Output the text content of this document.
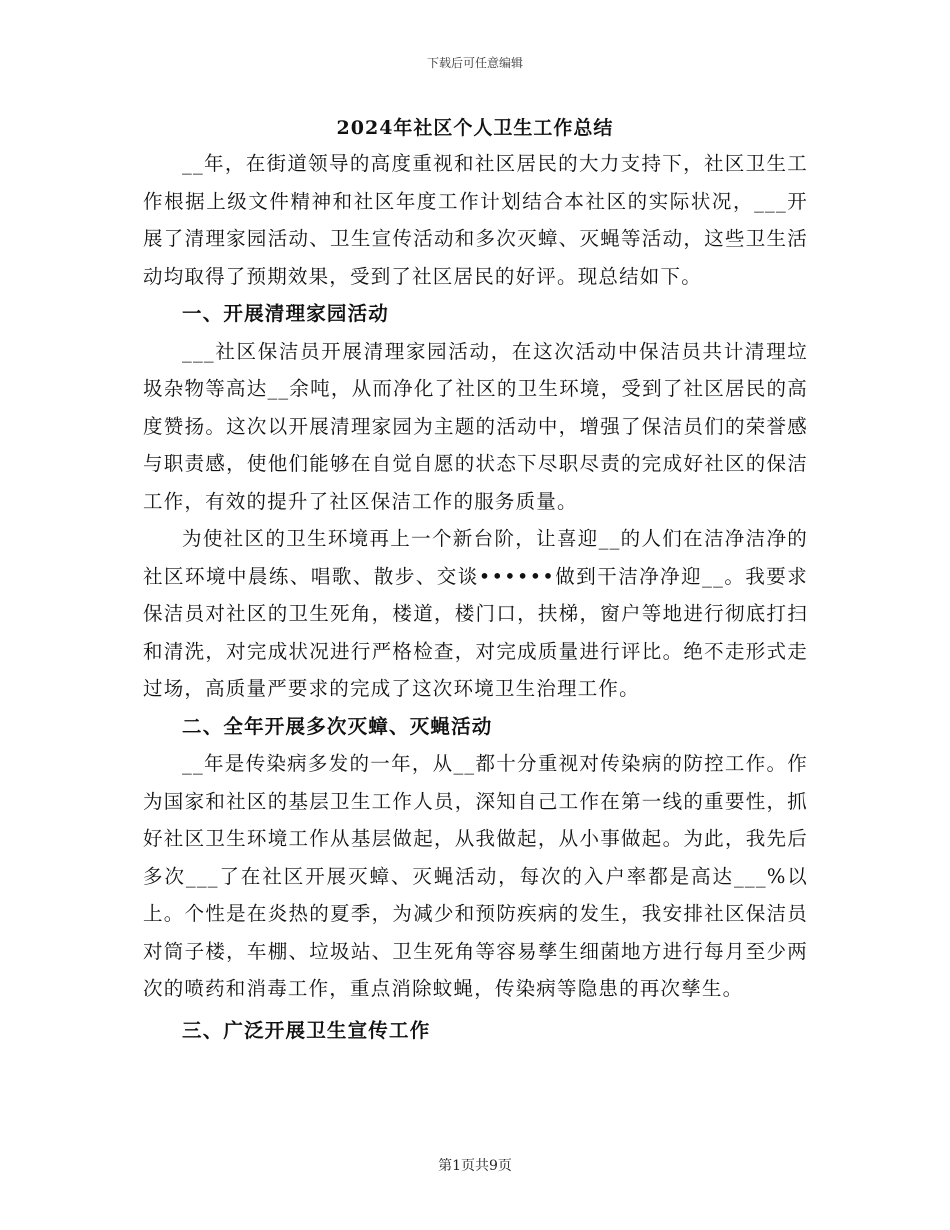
下载后可任意编辑
2024年社区个人卫生工作总结

__年，在街道领导的高度重视和社区居民的大力支持下，社区卫生工作根据上级文件精神和社区年度工作计划结合本社区的实际状况，___开展了清理家园活动、卫生宣传活动和多次灭蟑、灭蝇等活动，这些卫生活动均取得了预期效果，受到了社区居民的好评。现总结如下。

一、开展清理家园活动

___社区保洁员开展清理家园活动，在这次活动中保洁员共计清理垃圾杂物等高达__余吨，从而净化了社区的卫生环境，受到了社区居民的高度赞扬。这次以开展清理家园为主题的活动中，增强了保洁员们的荣誉感与职责感，使他们能够在自觉自愿的状态下尽职尽责的完成好社区的保洁工作，有效的提升了社区保洁工作的服务质量。

为使社区的卫生环境再上一个新台阶，让喜迎__的人们在洁净洁净的社区环境中晨练、唱歌、散步、交谈••••••做到干洁净净迎__。我要求保洁员对社区的卫生死角，楼道，楼门口，扶梯，窗户等地进行彻底打扫和清洗，对完成状况进行严格检查，对完成质量进行评比。绝不走形式走过场，高质量严要求的完成了这次环境卫生治理工作。

二、全年开展多次灭蟑、灭蝇活动

__年是传染病多发的一年，从__都十分重视对传染病的防控工作。作为国家和社区的基层卫生工作人员，深知自己工作在第一线的重要性，抓好社区卫生环境工作从基层做起，从我做起，从小事做起。为此，我先后多次___了在社区开展灭蟑、灭蝇活动，每次的入户率都是高达___%以上。个性是在炎热的夏季，为减少和预防疾病的发生，我安排社区保洁员对筒子楼，车棚、垃圾站、卫生死角等容易孳生细菌地方进行每月至少两次的喷药和消毒工作，重点消除蚊蝇，传染病等隐患的再次孳生。

三、广泛开展卫生宣传工作

第1页共9页
